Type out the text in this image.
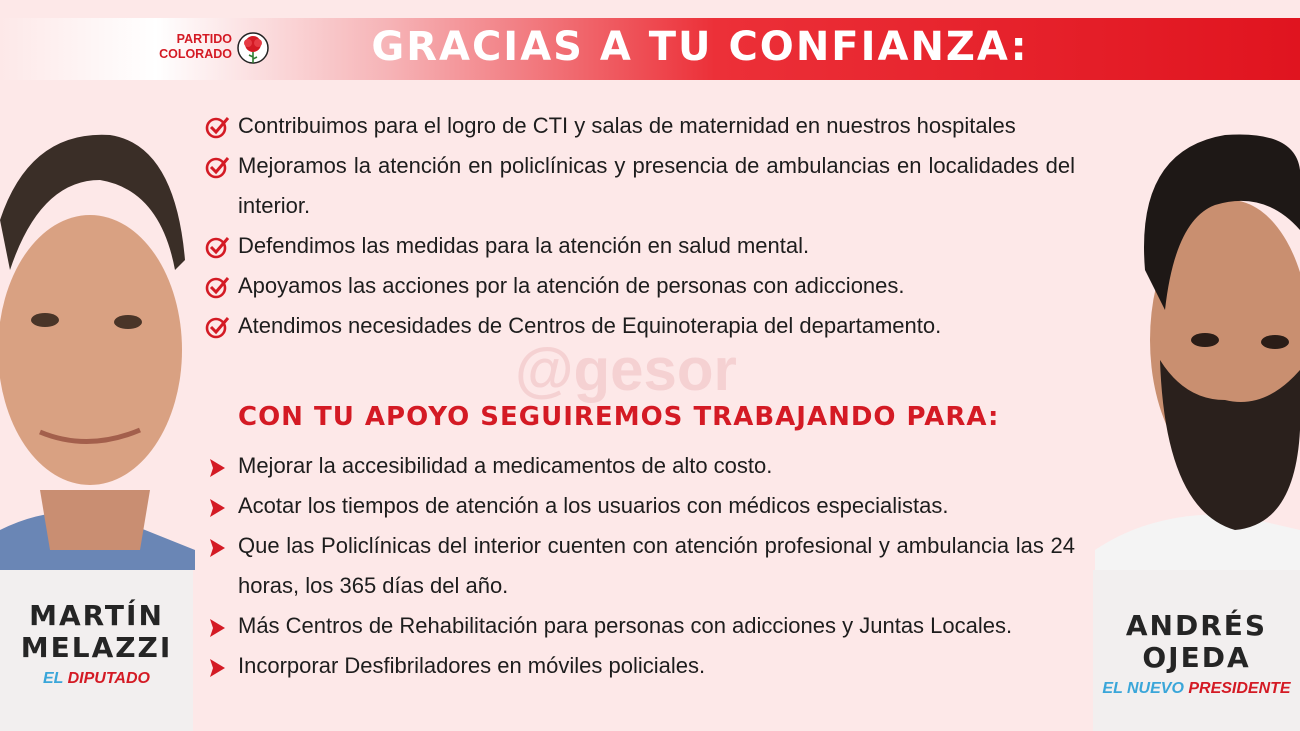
PARTIDO
COLORADO	GRACIAS A TU CONFIANZA:
MARTÍN
MELAZZI
EL DIPUTADO
ANDRÉS
OJEDA
EL NUEVO PRESIDENTE
@gesor
Contribuimos para el logro de CTI y salas de maternidad en nuestros hospitales
Mejoramos la atención en policlínicas y presencia de ambulancias en localidades del interior.
Defendimos las medidas para la atención en salud mental.
Apoyamos las acciones por la atención de personas con adicciones.
Atendimos necesidades de Centros de Equinoterapia del departamento.
CON TU APOYO SEGUIREMOS TRABAJANDO PARA:
Mejorar la accesibilidad a medicamentos de alto costo.
Acotar los tiempos de atención a los usuarios con médicos especialistas.
Que las Policlínicas del interior cuenten con atención profesional y ambulancia las 24 horas, los 365 días del año.
Más Centros de Rehabilitación para personas con adicciones y Juntas Locales.
Incorporar Desfibriladores en móviles policiales.
